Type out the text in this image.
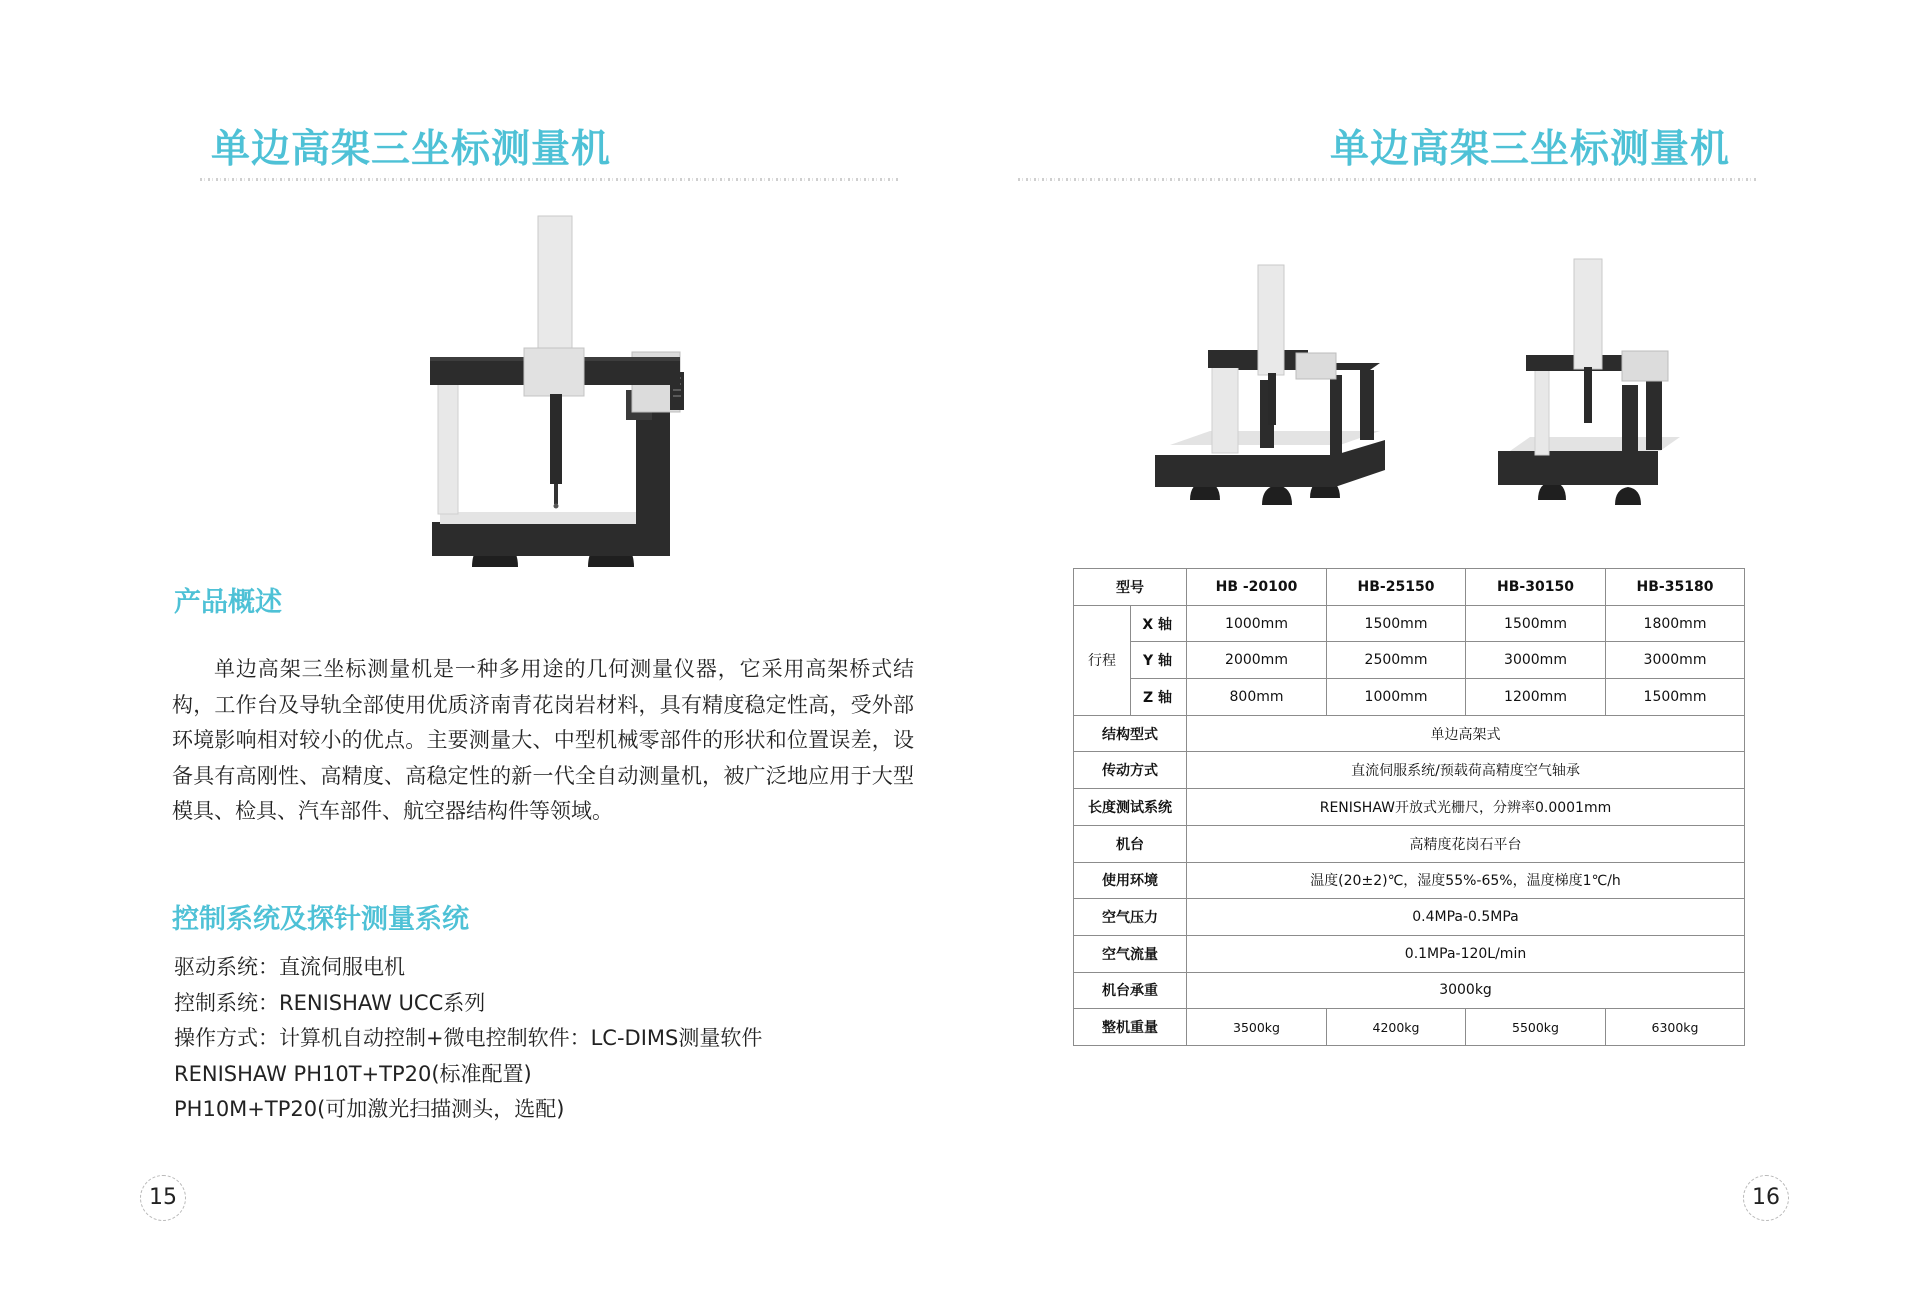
单边高架三坐标测量机
产品概述

单边高架三坐标测量机是一种多用途的几何测量仪器，它采用高架桥式结构，工作台及导轨全部使用优质济南青花岗岩材料，具有精度稳定性高，受外部环境影响相对较小的优点。主要测量大、中型机械零部件的形状和位置误差，设备具有高刚性、高精度、高稳定性的新一代全自动测量机，被广泛地应用于大型模具、检具、汽车部件、航空器结构件等领域。

控制系统及探针测量系统
驱动系统：直流伺服电机
控制系统：RENISHAW UCC系列
操作方式：计算机自动控制+微电控制软件：LC-DIMS测量软件
RENISHAW PH10T+TP20(标准配置)
PH10M+TP20(可加激光扫描测头，选配)
15
单边高架三坐标测量机
16
型号		HB -20100	HB-25150	HB-30150	HB-35180
行程	X 轴	1000mm	1500mm	1500mm	1800mm
	Y 轴	2000mm	2500mm	3000mm	3000mm
	Z 轴	800mm	1000mm	1200mm	1500mm
结构型式		单边高架式			
传动方式		直流伺服系统/预载荷高精度空气轴承			
长度测试系统		RENISHAW开放式光栅尺，分辨率0.0001mm			
机台		高精度花岗石平台			
使用环境		温度(20±2)℃，湿度55%-65%，温度梯度1℃/h			
空气压力		0.4MPa-0.5MPa			
空气流量		0.1MPa-120L/min			
机台承重		3000kg			
整机重量		3500kg	4200kg	5500kg	6300kg
